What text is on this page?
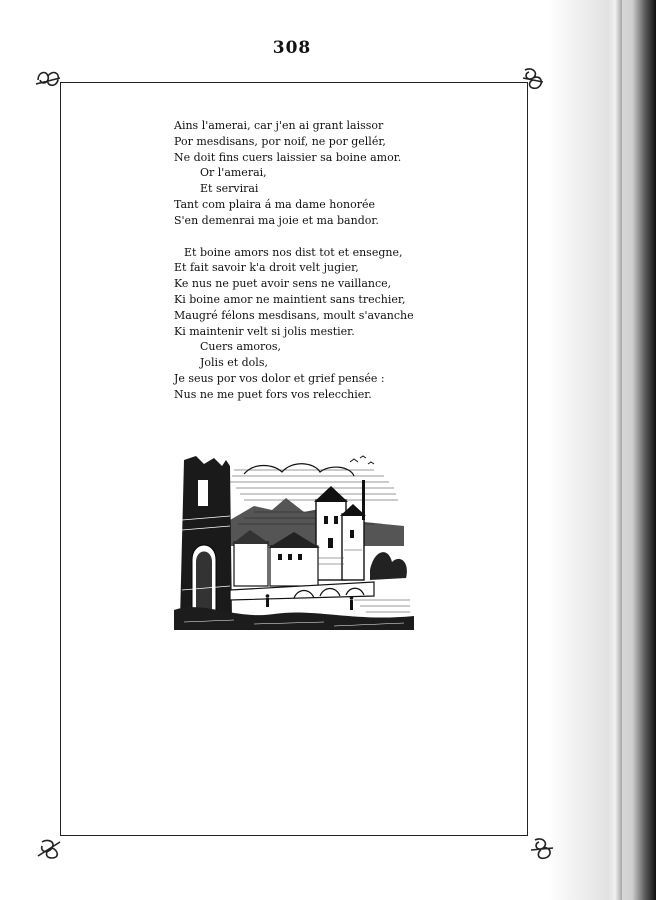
308
Ains l'amerai, car j'en ai grant laissor
Por mesdisans, por noif, ne por gellér,
Ne doit fins cuers laissier sa boine amor.
Or l'amerai,
Et servirai
Tant com plaira á ma dame honorée
S'en demenrai ma joie et ma bandor.
Et boine amors nos dist tot et ensegne,
Et fait savoir k'a droit velt jugier,
Ke nus ne puet avoir sens ne vaillance,
Ki boine amor ne maintient sans trechier,
Maugré félons mesdisans, moult s'avanche
Ki maintenir velt si jolis mestier.
Cuers amoros,
Jolis et dols,
Je seus por vos dolor et grief pensée :
Nus ne me puet fors vos relecchier.
